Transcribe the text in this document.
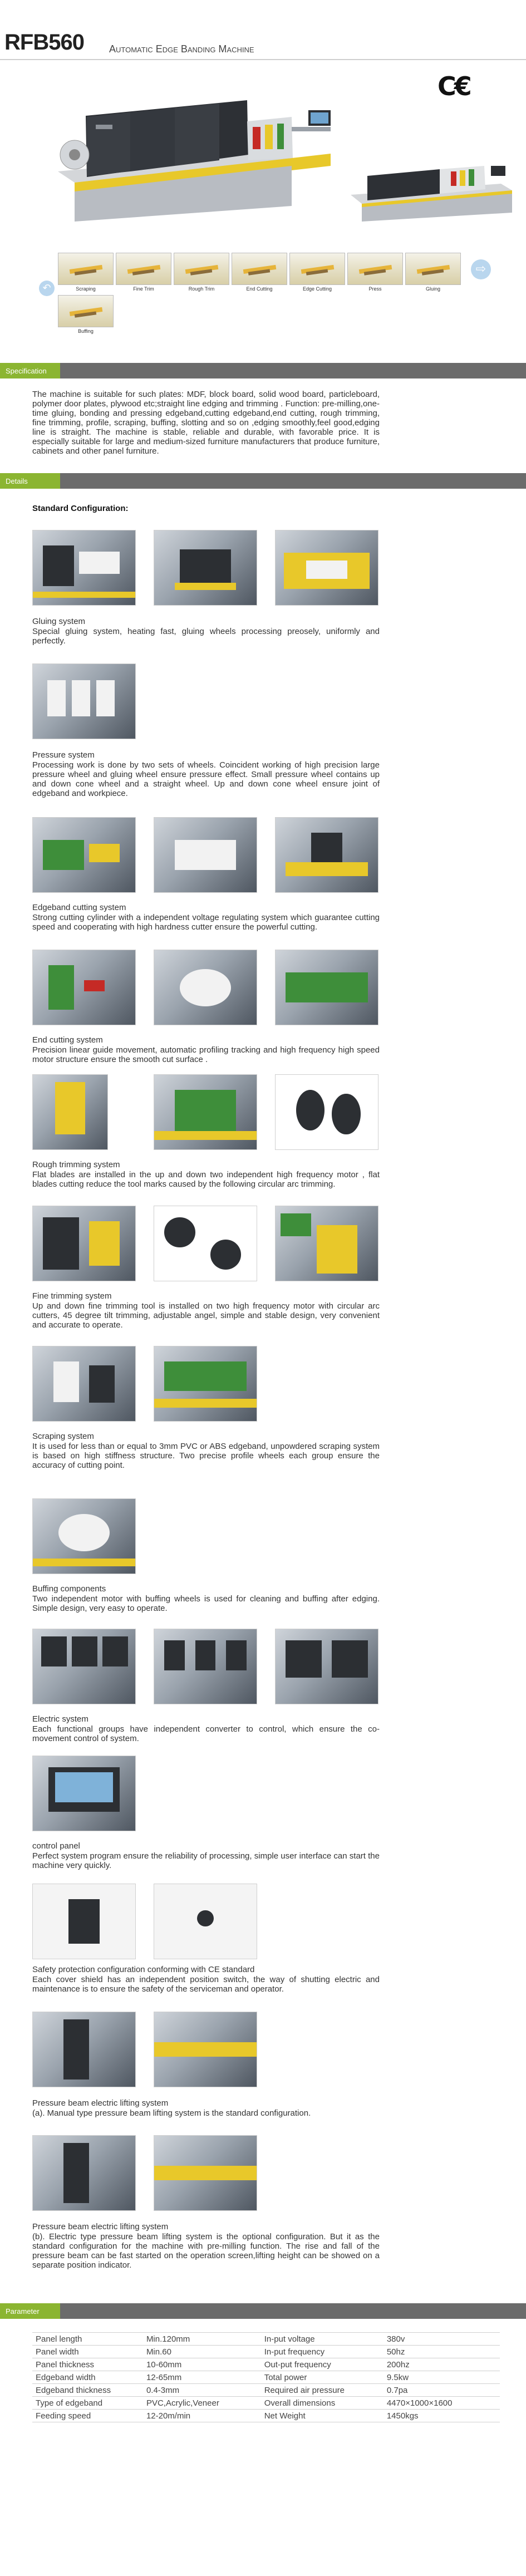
RFB560	Automatic Edge Banding Machine
C€
Scraping	Fine Trim	Rough Trim	End Cutting	Edge Cutting	Press	Gluing
⇨
↶
Buffing
Specification
The machine is suitable for such plates: MDF, block board, solid wood board, particleboard, polymer door plates, plywood etc;straight line edging and trimming . Function: pre-milling,one-time gluing, bonding and pressing edgeband,cutting edgeband,end cutting, rough trimming, fine trimming, profile, scraping, buffing, slotting and so on ,edging smoothly,feel good,edging line is straight. The machine is stable, reliable and durable, with favorable price. It is especially suitable for large and medium-sized furniture manufacturers that produce furniture, cabinets and other panel furniture.
Details
Standard Configuration:
Gluing system
Special gluing system, heating fast, gluing wheels processing preosely, uniformly and perfectly.
Pressure system
Processing work is done by two sets of wheels. Coincident working of high precision large pressure wheel and gluing wheel ensure pressure effect. Small pressure wheel contains up and down cone wheel and a straight wheel. Up and down cone wheel ensure joint of edgeband and workpiece.
Edgeband cutting system
Strong cutting cylinder with a independent voltage regulating system which guarantee cutting speed and cooperating with high hardness cutter ensure the powerful cutting.
End cutting system
Precision linear guide movement, automatic profiling tracking and high frequency high speed motor structure ensure the smooth cut surface .
Rough trimming system
Flat blades are installed in the up and down two independent high frequency motor , flat blades cutting reduce the tool marks caused by the following circular arc trimming.
Fine trimming system
Up and down fine trimming tool is installed on two high frequency motor with circular arc cutters, 45 degree tilt trimming, adjustable angel, simple and stable design, very convenient and accurate to operate.
Scraping system
It is used for less than or equal to 3mm PVC or ABS edgeband, unpowdered scraping system is based on high stiffness structure. Two precise profile wheels each group ensure the accuracy of cutting point.
Buffing components
Two independent motor with buffing wheels is used for cleaning and buffing after edging. Simple design, very easy to operate.
Electric system
Each functional groups have independent converter to control, which ensure the co-movement control of system.
control panel
Perfect system program ensure the reliability of processing, simple user interface can start the machine very quickly.
Safety protection configuration conforming with CE standard
Each cover shield has an independent position switch, the way of shutting electric and maintenance is to ensure the safety of the serviceman and operator.
Pressure beam electric lifting system
(a). Manual type pressure beam lifting system is the standard configuration.
Pressure beam electric lifting system
(b). Electric type pressure beam lifting system is the optional configuration. But it as the standard configuration for the machine with pre-milling function. The rise and fall of the pressure beam can be fast started on the operation screen,lifting height can be showed on a separate position indicator.
Parameter
Panel length	Min.120mm	In-put voltage	380v
Panel width	Min.60	In-put frequency	50hz
Panel thickness	10-60mm	Out-put frequency	200hz
Edgeband width	12-65mm	Total power	9.5kw
Edgeband thickness	0.4-3mm	Required air pressure	0.7pa
Type of edgeband	PVC,Acrylic,Veneer	Overall dimensions	4470×1000×1600
Feeding speed	12-20m/min	Net Weight	1450kgs
